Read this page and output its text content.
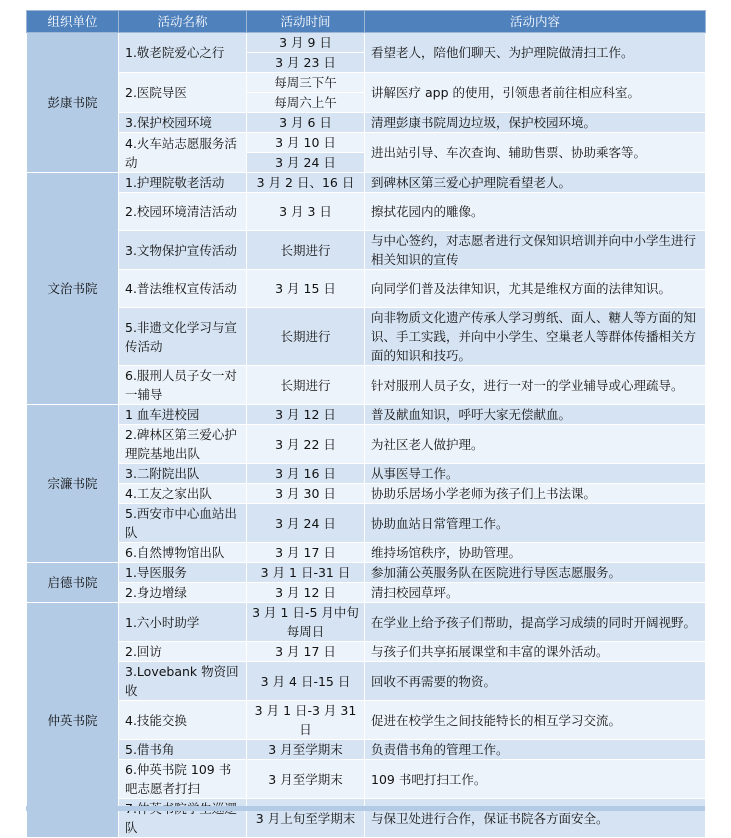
组织单位	活动名称	活动时间	活动内容
彭康书院	1.敬老院爱心之行	3 月 9 日	看望老人，陪他们聊天、为护理院做清扫工作。
		3 月 23 日	
	2.医院导医	每周三下午	讲解医疗 app 的使用，引领患者前往相应科室。
		每周六上午	
	3.保护校园环境	3 月 6 日	清理彭康书院周边垃圾，保护校园环境。
	4.火车站志愿服务活动	3 月 10 日	进出站引导、车次查询、辅助售票、协助乘客等。
		3 月 24 日	

文治书院	1.护理院敬老活动	3 月 2 日、16 日	到碑林区第三爱心护理院看望老人。
	2.校园环境清洁活动	3 月 3 日	擦拭花园内的雕像。
	3.文物保护宣传活动	长期进行	与中心签约，对志愿者进行文保知识培训并向中小学生进行相关知识的宣传
	4.普法维权宣传活动	3 月 15 日	向同学们普及法律知识，尤其是维权方面的法律知识。
	5.非遗文化学习与宣传活动	长期进行	向非物质文化遗产传承人学习剪纸、面人、糖人等方面的知识、手工实践，并向中小学生、空巢老人等群体传播相关方面的知识和技巧。
	6.服刑人员子女一对一辅导	长期进行	针对服刑人员子女，进行一对一的学业辅导或心理疏导。
宗濂书院	1 血车进校园	3 月 12 日	普及献血知识，呼吁大家无偿献血。
	2.碑林区第三爱心护理院基地出队	3 月 22 日	为社区老人做护理。
	3.二附院出队	3 月 16 日	从事医导工作。
	4.工友之家出队	3 月 30 日	协助乐居场小学老师为孩子们上书法课。
	5.西安市中心血站出队	3 月 24 日	协助血站日常管理工作。
	6.自然博物馆出队	3 月 17 日	维持场馆秩序，协助管理。
启德书院	1.导医服务	3 月 1 日-31 日	参加蒲公英服务队在医院进行导医志愿服务。
	2.身边增绿	3 月 12 日	清扫校园草坪。
仲英书院	1.六小时助学	3 月 1 日-5 月中旬每周日	在学业上给予孩子们帮助，提高学习成绩的同时开阔视野。
	2.回访	3 月 17 日	与孩子们共享拓展课堂和丰富的课外活动。
	3.Lovebank 物资回收	3 月 4 日-15 日	回收不再需要的物资。
	4.技能交换	3 月 1 日-3 月 31 日	促进在校学生之间技能特长的相互学习交流。
	5.借书角	3 月至学期末	负责借书角的管理工作。
	6.仲英书院 109 书吧志愿者打扫	3 月至学期末	109 书吧打扫工作。
	队	3 月上旬至学期末	与保卫处进行合作，保证书院各方面安全。
